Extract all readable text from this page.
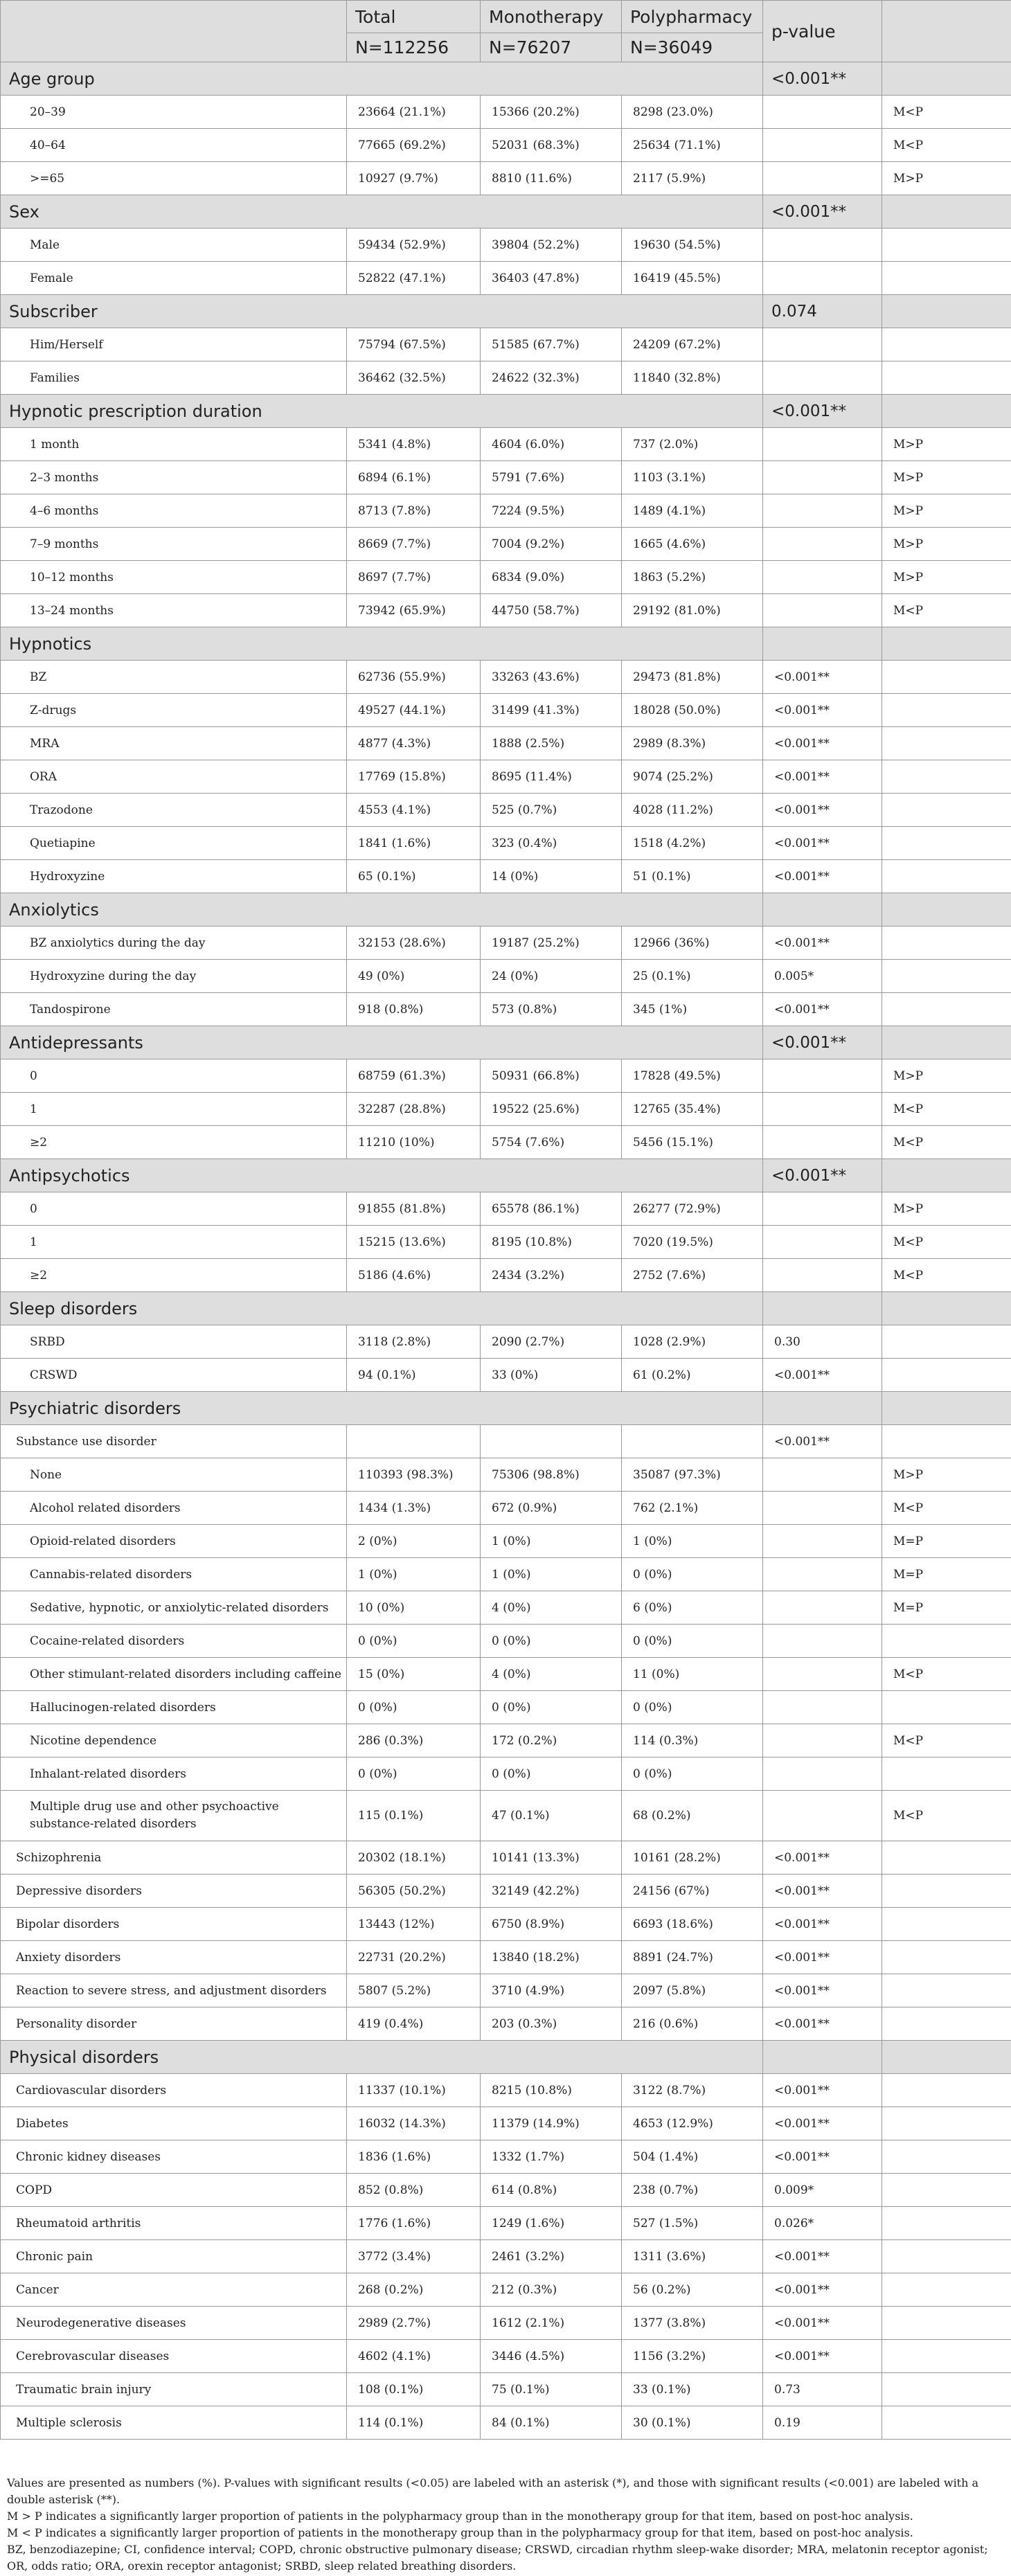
	Total	Monotherapy	Polypharmacy	p-value	
	N=112256	N=76207	N=36049		
Age group				<0.001**	
20–39	23664 (21.1%)	15366 (20.2%)	8298 (23.0%)		M<P
40–64	77665 (69.2%)	52031 (68.3%)	25634 (71.1%)		M<P
>=65	10927 (9.7%)	8810 (11.6%)	2117 (5.9%)		M>P
Sex				<0.001**	
Male	59434 (52.9%)	39804 (52.2%)	19630 (54.5%)		
Female	52822 (47.1%)	36403 (47.8%)	16419 (45.5%)		
Subscriber				0.074	
Him/Herself	75794 (67.5%)	51585 (67.7%)	24209 (67.2%)		
Families	36462 (32.5%)	24622 (32.3%)	11840 (32.8%)		
Hypnotic prescription duration				<0.001**	
1 month	5341 (4.8%)	4604 (6.0%)	737 (2.0%)		M>P
2–3 months	6894 (6.1%)	5791 (7.6%)	1103 (3.1%)		M>P
4–6 months	8713 (7.8%)	7224 (9.5%)	1489 (4.1%)		M>P
7–9 months	8669 (7.7%)	7004 (9.2%)	1665 (4.6%)		M>P
10–12 months	8697 (7.7%)	6834 (9.0%)	1863 (5.2%)		M>P
13–24 months	73942 (65.9%)	44750 (58.7%)	29192 (81.0%)		M<P
Hypnotics					
BZ	62736 (55.9%)	33263 (43.6%)	29473 (81.8%)	<0.001**	
Z-drugs	49527 (44.1%)	31499 (41.3%)	18028 (50.0%)	<0.001**	
MRA	4877 (4.3%)	1888 (2.5%)	2989 (8.3%)	<0.001**	
ORA	17769 (15.8%)	8695 (11.4%)	9074 (25.2%)	<0.001**	
Trazodone	4553 (4.1%)	525 (0.7%)	4028 (11.2%)	<0.001**	
Quetiapine	1841 (1.6%)	323 (0.4%)	1518 (4.2%)	<0.001**	
Hydroxyzine	65 (0.1%)	14 (0%)	51 (0.1%)	<0.001**	
Anxiolytics					
BZ anxiolytics during the day	32153 (28.6%)	19187 (25.2%)	12966 (36%)	<0.001**	
Hydroxyzine during the day	49 (0%)	24 (0%)	25 (0.1%)	0.005*	
Tandospirone	918 (0.8%)	573 (0.8%)	345 (1%)	<0.001**	
Antidepressants				<0.001**	
0	68759 (61.3%)	50931 (66.8%)	17828 (49.5%)		M>P
1	32287 (28.8%)	19522 (25.6%)	12765 (35.4%)		M<P
≥2	11210 (10%)	5754 (7.6%)	5456 (15.1%)		M<P
Antipsychotics				<0.001**	
0	91855 (81.8%)	65578 (86.1%)	26277 (72.9%)		M>P
1	15215 (13.6%)	8195 (10.8%)	7020 (19.5%)		M<P
≥2	5186 (4.6%)	2434 (3.2%)	2752 (7.6%)		M<P
Sleep disorders					
SRBD	3118 (2.8%)	2090 (2.7%)	1028 (2.9%)	0.30	
CRSWD	94 (0.1%)	33 (0%)	61 (0.2%)	<0.001**	
Psychiatric disorders					
Substance use disorder				<0.001**	
None	110393 (98.3%)	75306 (98.8%)	35087 (97.3%)		M>P
Alcohol related disorders	1434 (1.3%)	672 (0.9%)	762 (2.1%)		M<P
Opioid-related disorders	2 (0%)	1 (0%)	1 (0%)		M=P
Cannabis-related disorders	1 (0%)	1 (0%)	0 (0%)		M=P
Sedative, hypnotic, or anxiolytic-related disorders	10 (0%)	4 (0%)	6 (0%)		M=P
Cocaine-related disorders	0 (0%)	0 (0%)	0 (0%)		
Other stimulant-related disorders including caffeine	15 (0%)	4 (0%)	11 (0%)		M<P
Hallucinogen-related disorders	0 (0%)	0 (0%)	0 (0%)		
Nicotine dependence	286 (0.3%)	172 (0.2%)	114 (0.3%)		M<P
Inhalant-related disorders	0 (0%)	0 (0%)	0 (0%)		
Multiple drug use and other psychoactive substance-related disorders	115 (0.1%)	47 (0.1%)	68 (0.2%)		M<P
Schizophrenia	20302 (18.1%)	10141 (13.3%)	10161 (28.2%)	<0.001**	
Depressive disorders	56305 (50.2%)	32149 (42.2%)	24156 (67%)	<0.001**	
Bipolar disorders	13443 (12%)	6750 (8.9%)	6693 (18.6%)	<0.001**	
Anxiety disorders	22731 (20.2%)	13840 (18.2%)	8891 (24.7%)	<0.001**	
Reaction to severe stress, and adjustment disorders	5807 (5.2%)	3710 (4.9%)	2097 (5.8%)	<0.001**	
Personality disorder	419 (0.4%)	203 (0.3%)	216 (0.6%)	<0.001**	
Physical disorders					
Cardiovascular disorders	11337 (10.1%)	8215 (10.8%)	3122 (8.7%)	<0.001**	
Diabetes	16032 (14.3%)	11379 (14.9%)	4653 (12.9%)	<0.001**	
Chronic kidney diseases	1836 (1.6%)	1332 (1.7%)	504 (1.4%)	<0.001**	
COPD	852 (0.8%)	614 (0.8%)	238 (0.7%)	0.009*	
Rheumatoid arthritis	1776 (1.6%)	1249 (1.6%)	527 (1.5%)	0.026*	
Chronic pain	3772 (3.4%)	2461 (3.2%)	1311 (3.6%)	<0.001**	
Cancer	268 (0.2%)	212 (0.3%)	56 (0.2%)	<0.001**	
Neurodegenerative diseases	2989 (2.7%)	1612 (2.1%)	1377 (3.8%)	<0.001**	
Cerebrovascular diseases	4602 (4.1%)	3446 (4.5%)	1156 (3.2%)	<0.001**	
Traumatic brain injury	108 (0.1%)	75 (0.1%)	33 (0.1%)	0.73	
Multiple sclerosis	114 (0.1%)	84 (0.1%)	30 (0.1%)	0.19	

Values are presented as numbers (%). P-values with significant results (<0.05) are labeled with an asterisk (*), and those with significant results (<0.001) are labeled with a double asterisk (**).

M > P indicates a significantly larger proportion of patients in the polypharmacy group than in the monotherapy group for that item, based on post-hoc analysis.

M < P indicates a significantly larger proportion of patients in the monotherapy group than in the polypharmacy group for that item, based on post-hoc analysis.

BZ, benzodiazepine; CI, confidence interval; COPD, chronic obstructive pulmonary disease; CRSWD, circadian rhythm sleep-wake disorder; MRA, melatonin receptor agonist; OR, odds ratio; ORA, orexin receptor antagonist; SRBD, sleep related breathing disorders.
